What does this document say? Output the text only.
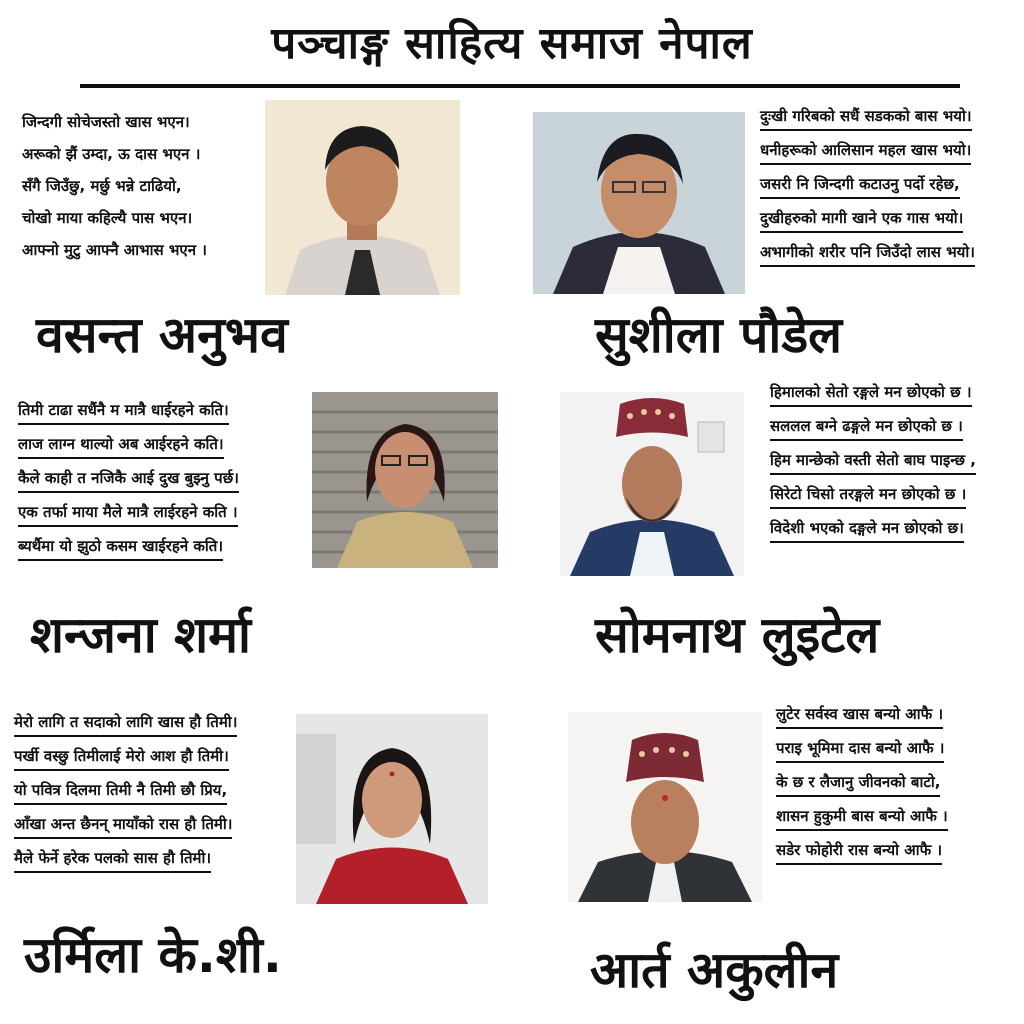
पञ्चाङ्ग साहित्य समाज नेपाल
जिन्दगी सोचेजस्तो खास भएन।
अरूको झैं उम्दा, ऊ दास भएन ।
सँगै जिउँछु, मर्छु भन्ने टाढियो,
चोखो माया कहिल्यै पास भएन।
आफ्नो मुटु आफ्नै आभास भएन ।
वसन्त अनुभव
दुःखी गरिबको सधैं सडकको बास भयो।
धनीहरूको आलिसान महल खास भयो।
जसरी नि जिन्दगी कटाउनु पर्दो रहेछ,
दुखीहरुको मागी खाने एक गास भयो।
अभागीको शरीर पनि जिउँदो लास भयो।
सुशीला पौडेल
तिमी टाढा सधैंनै म मात्रै धाईरहने कति।
लाज लाग्न थाल्यो अब आईरहने कति।
कैले काही त नजिकै आई दुख बुझ्नु पर्छ।
एक तर्फा माया मैले मात्रै लाईरहने कति ।
ब्यर्थैमा यो झुठो कसम खाईरहने कति।
शन्जना शर्मा
हिमालको सेतो रङ्गले मन छोएको छ ।
सललल बग्ने ढङ्गले मन छोएको छ ।
हिम मान्छेको वस्ती सेतो बाघ पाइन्छ ,
सिरेटो चिसो तरङ्गले मन छोएको छ ।
विदेशी भएको दङ्गले मन छोएको छ।
सोमनाथ लुइटेल
मेरो लागि त सदाको लागि खास हौ तिमी।
पर्खी वस्छु तिमीलाई मेरो आश हौ तिमी।
यो पवित्र दिलमा तिमी नै तिमी छौ प्रिय,
आँखा अन्त छैनन् मायाँको रास हौ तिमी।
मैले फेर्ने हरेक पलको सास हौ तिमी।
उर्मिला के.शी.
लुटेर सर्वस्व खास बन्यो आफै ।
पराइ भूमिमा दास बन्यो आफै ।
के छ र लैजानु जीवनको बाटो,
शासन हुकुमी बास बन्यो आफै ।
सडेर फोहोरी रास बन्यो आफै ।
आर्त अकुलीन
